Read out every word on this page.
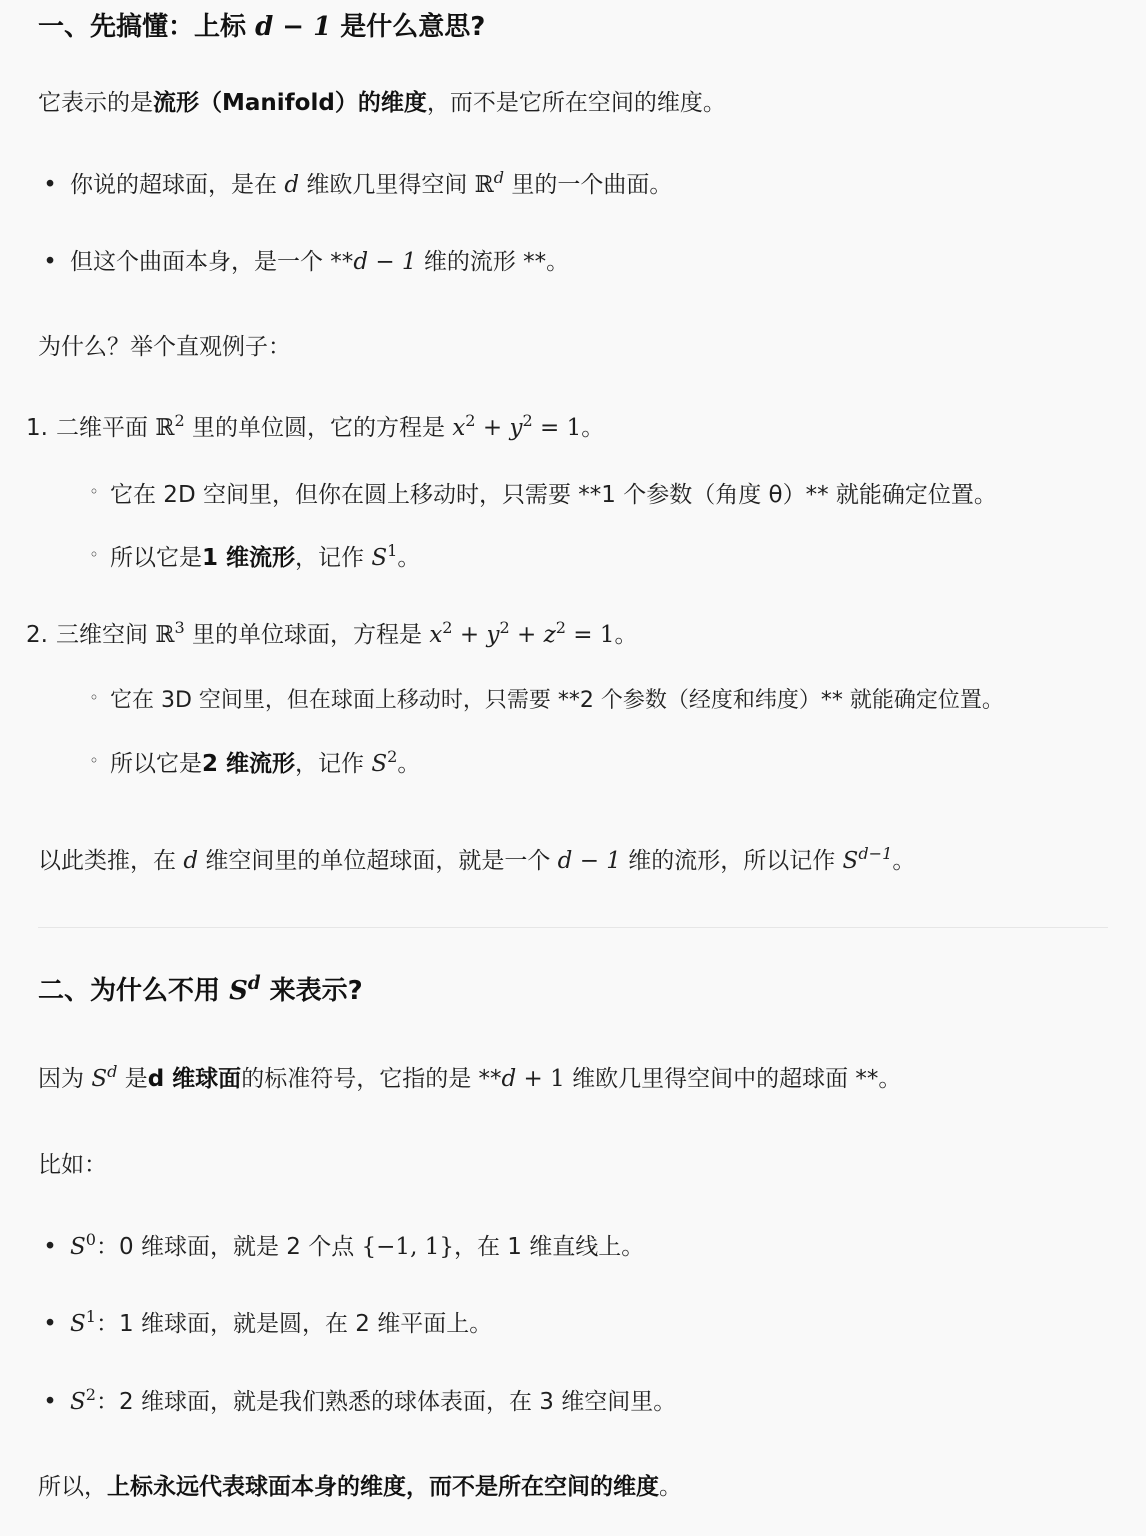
一、先搞懂：上标 d − 1 是什么意思?
它表示的是流形（Manifold）的维度，而不是它所在空间的维度。
• 你说的超球面，是在 d 维欧几里得空间 ℝ$^d$ 里的一个曲面。
• 但这个曲面本身，是一个 **d − 1 维的流形 **。
为什么？举个直观例子：
1. 二维平面 ℝ$^2$ 里的单位圆，它的方程是 $x^2 + y^2 = 1$。
◦ 它在 2D 空间里，但你在圆上移动时，只需要 **1 个参数（角度 θ）** 就能确定位置。
◦ 所以它是1 维流形，记作 $S^1$。
2. 三维空间 ℝ$^3$ 里的单位球面，方程是 $x^2 + y^2 + z^2 = 1$。
◦ 它在 3D 空间里，但在球面上移动时，只需要 **2 个参数（经度和纬度）** 就能确定位置。
◦ 所以它是2 维流形，记作 $S^2$。
以此类推，在 d 维空间里的单位超球面，就是一个 d − 1 维的流形，所以记作 $S^{d-1}$。
二、为什么不用 $S^d$ 来表示?
因为 $S^d$ 是d 维球面的标准符号，它指的是 **d + 1 维欧几里得空间中的超球面 **。
比如：
• $S^0$：0 维球面，就是 2 个点 {−1, 1}，在 1 维直线上。
• $S^1$：1 维球面，就是圆，在 2 维平面上。
• $S^2$：2 维球面，就是我们熟悉的球体表面，在 3 维空间里。
所以，上标永远代表球面本身的维度，而不是所在空间的维度。
